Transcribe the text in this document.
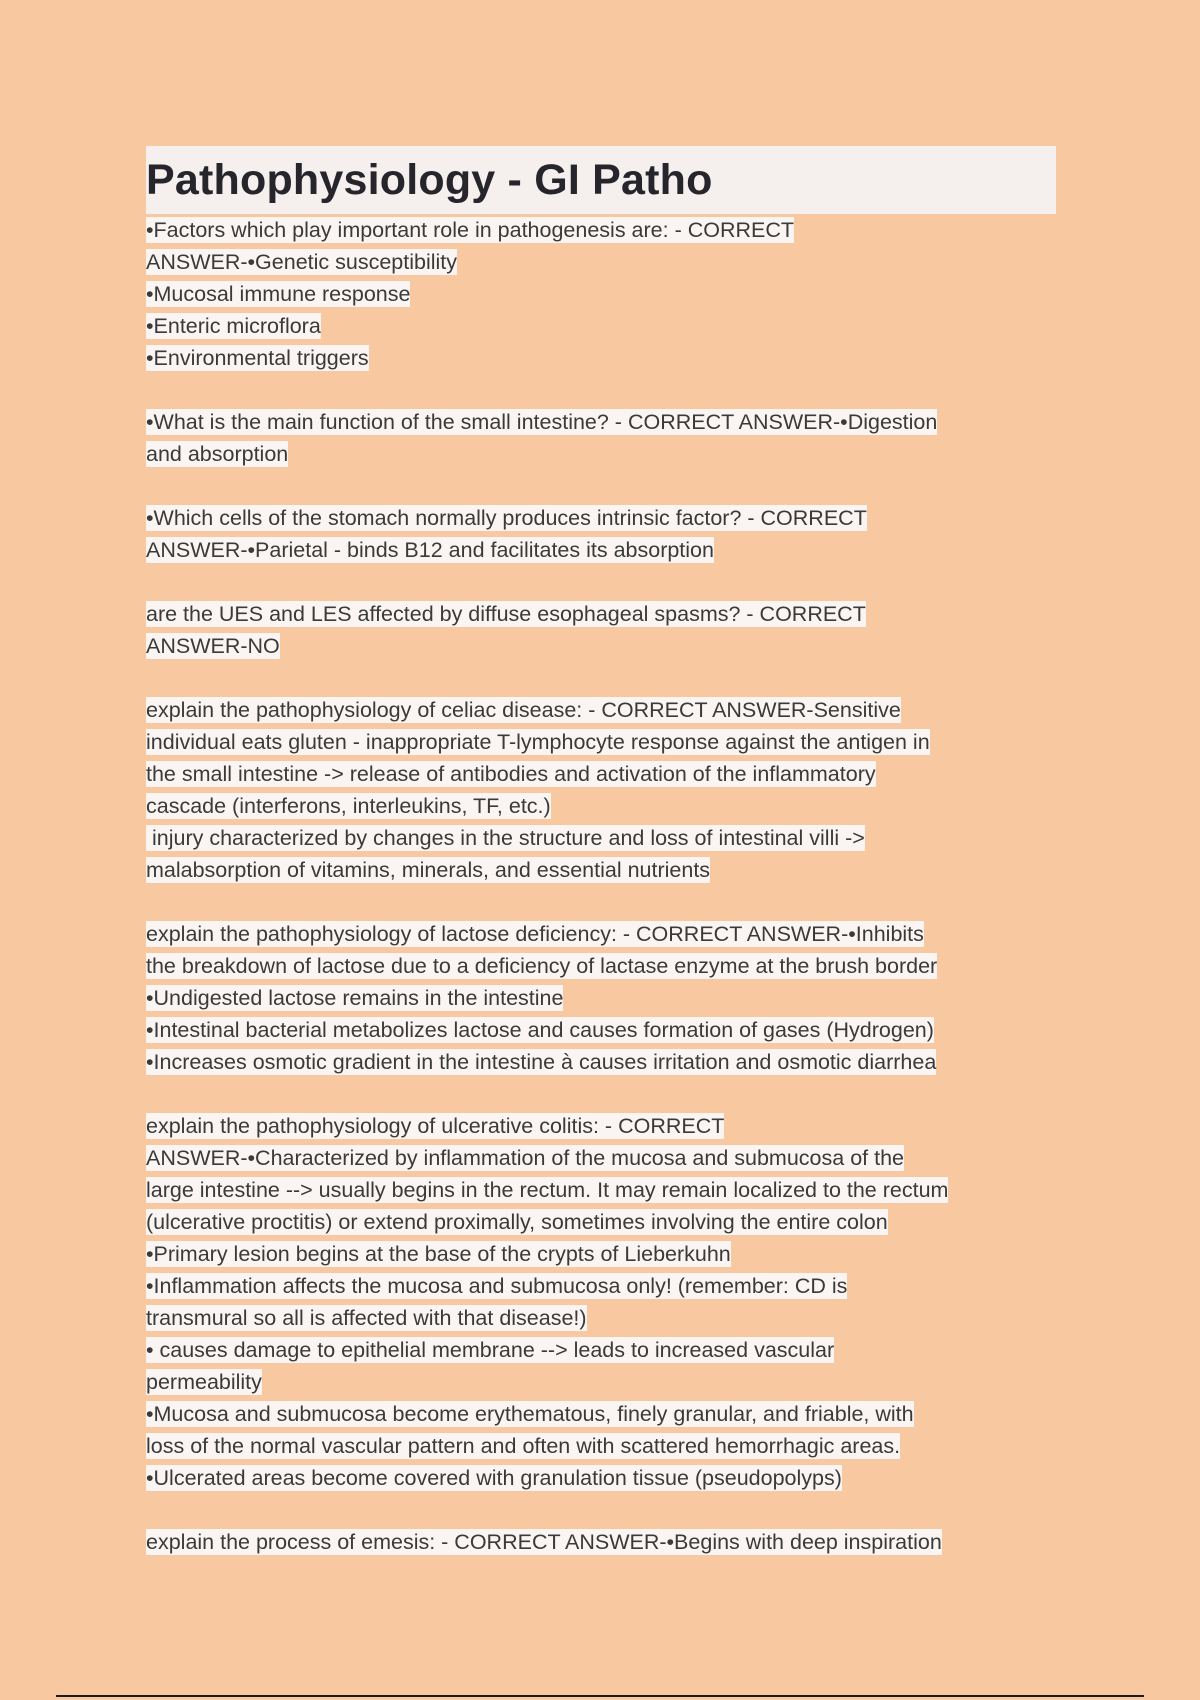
Pathophysiology - GI Patho
•Factors which play important role in pathogenesis are: - CORRECT
ANSWER-•Genetic susceptibility
•Mucosal immune response
•Enteric microflora
•Environmental triggers
•What is the main function of the small intestine? - CORRECT ANSWER-•Digestion
and absorption
•Which cells of the stomach normally produces intrinsic factor? - CORRECT
ANSWER-•Parietal - binds B12 and facilitates its absorption
are the UES and LES affected by diffuse esophageal spasms? - CORRECT
ANSWER-NO
explain the pathophysiology of celiac disease: - CORRECT ANSWER-Sensitive
individual eats gluten - inappropriate T-lymphocyte response against the antigen in
the small intestine -> release of antibodies and activation of the inflammatory
cascade (interferons, interleukins, TF, etc.)
injury characterized by changes in the structure and loss of intestinal villi ->
malabsorption of vitamins, minerals, and essential nutrients
explain the pathophysiology of lactose deficiency: - CORRECT ANSWER-•Inhibits
the breakdown of lactose due to a deficiency of lactase enzyme at the brush border
•Undigested lactose remains in the intestine
•Intestinal bacterial metabolizes lactose and causes formation of gases (Hydrogen)
•Increases osmotic gradient in the intestine à causes irritation and osmotic diarrhea
explain the pathophysiology of ulcerative colitis: - CORRECT
ANSWER-•Characterized by inflammation of the mucosa and submucosa of the
large intestine --> usually begins in the rectum. It may remain localized to the rectum
(ulcerative proctitis) or extend proximally, sometimes involving the entire colon
•Primary lesion begins at the base of the crypts of Lieberkuhn
•Inflammation affects the mucosa and submucosa only! (remember: CD is
transmural so all is affected with that disease!)
• causes damage to epithelial membrane --> leads to increased vascular
permeability
•Mucosa and submucosa become erythematous, finely granular, and friable, with
loss of the normal vascular pattern and often with scattered hemorrhagic areas.
•Ulcerated areas become covered with granulation tissue (pseudopolyps)
explain the process of emesis: - CORRECT ANSWER-•Begins with deep inspiration
